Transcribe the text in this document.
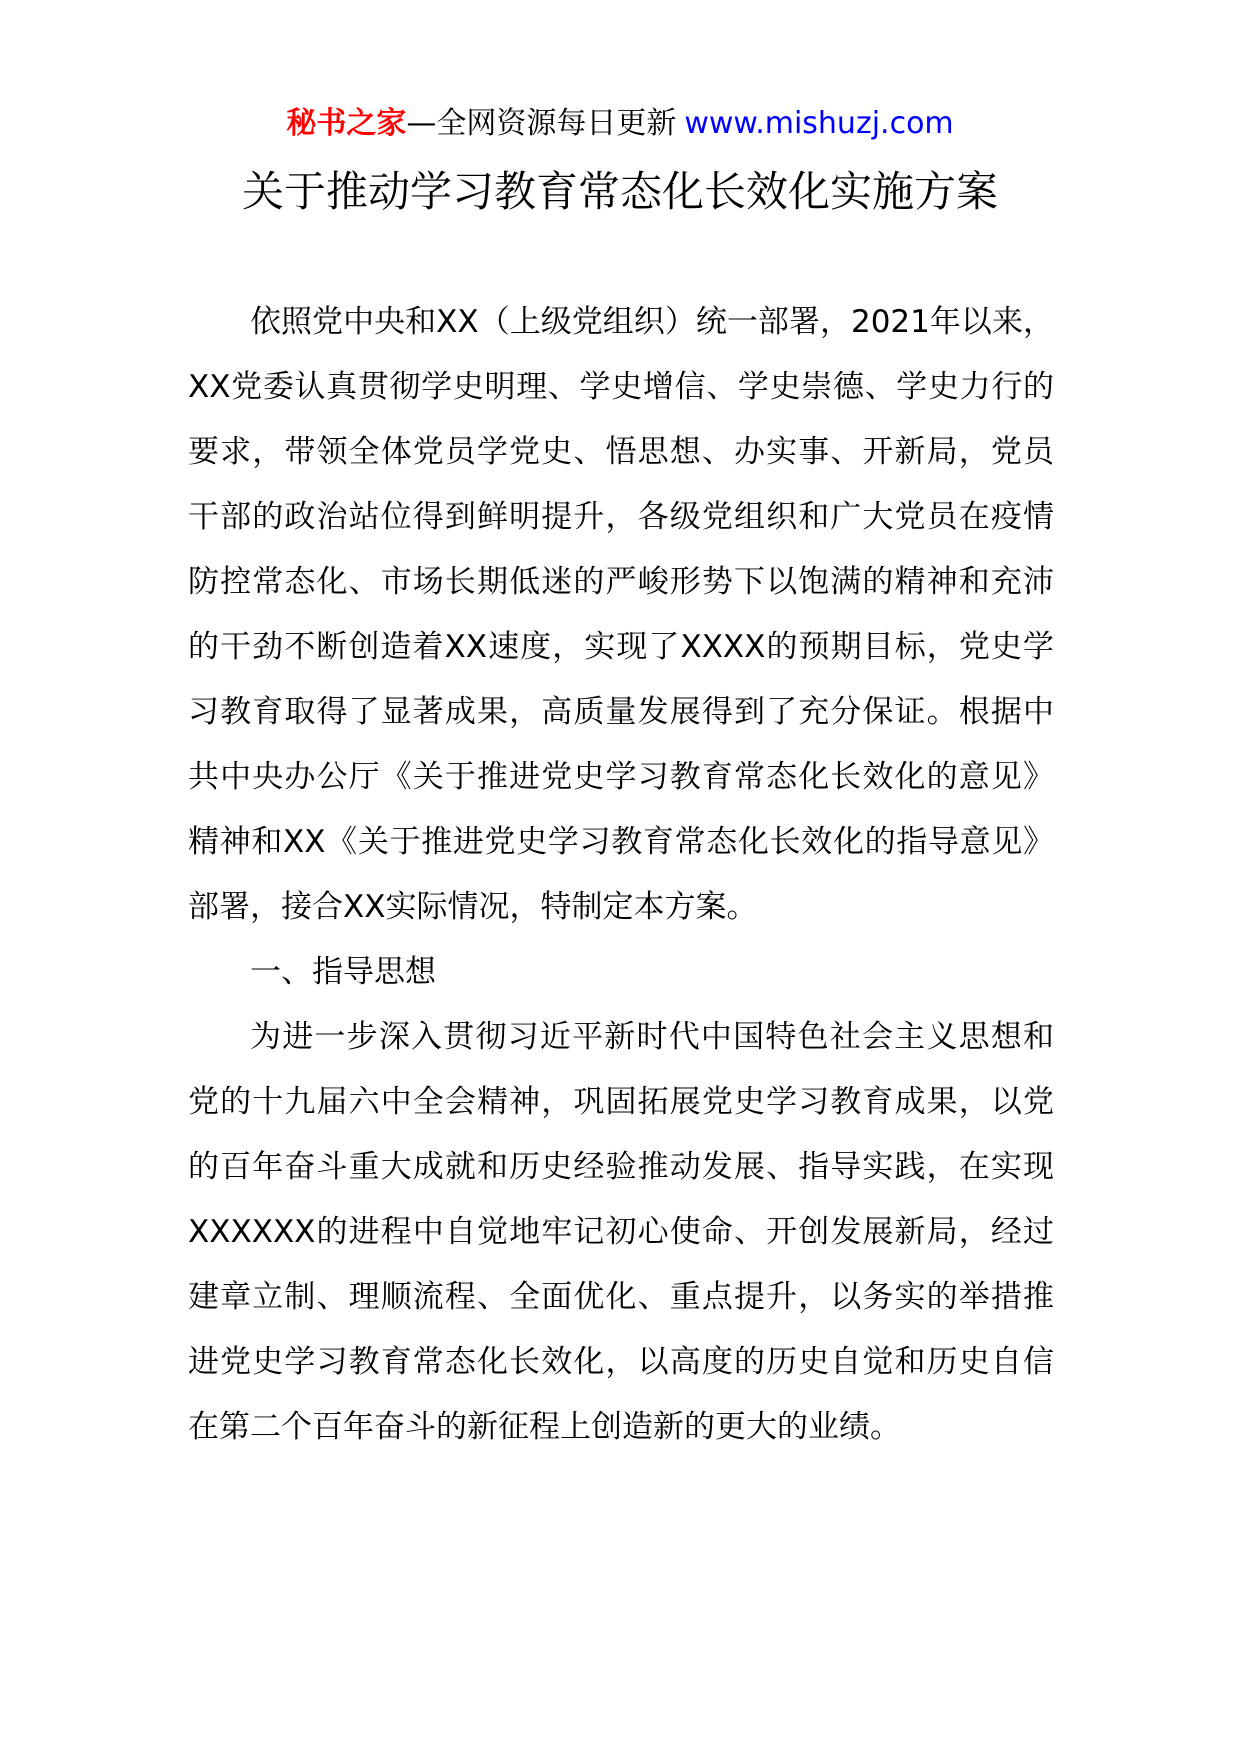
秘书之家—全网资源每日更新 www.mishuzj.com
关于推动学习教育常态化长效化实施方案

依照党中央和XX（上级党组织）统一部署，2021年以来，XX党委认真贯彻学史明理、学史增信、学史崇德、学史力行的要求，带领全体党员学党史、悟思想、办实事、开新局，党员干部的政治站位得到鲜明提升，各级党组织和广大党员在疫情防控常态化、市场长期低迷的严峻形势下以饱满的精神和充沛的干劲不断创造着XX速度，实现了XXXX的预期目标，党史学习教育取得了显著成果，高质量发展得到了充分保证。根据中共中央办公厅《关于推进党史学习教育常态化长效化的意见》精神和XX《关于推进党史学习教育常态化长效化的指导意见》部署，接合XX实际情况，特制定本方案。

一、指导思想

为进一步深入贯彻习近平新时代中国特色社会主义思想和党的十九届六中全会精神，巩固拓展党史学习教育成果，以党的百年奋斗重大成就和历史经验推动发展、指导实践，在实现XXXXXX的进程中自觉地牢记初心使命、开创发展新局，经过建章立制、理顺流程、全面优化、重点提升，以务实的举措推进党史学习教育常态化长效化，以高度的历史自觉和历史自信在第二个百年奋斗的新征程上创造新的更大的业绩。
